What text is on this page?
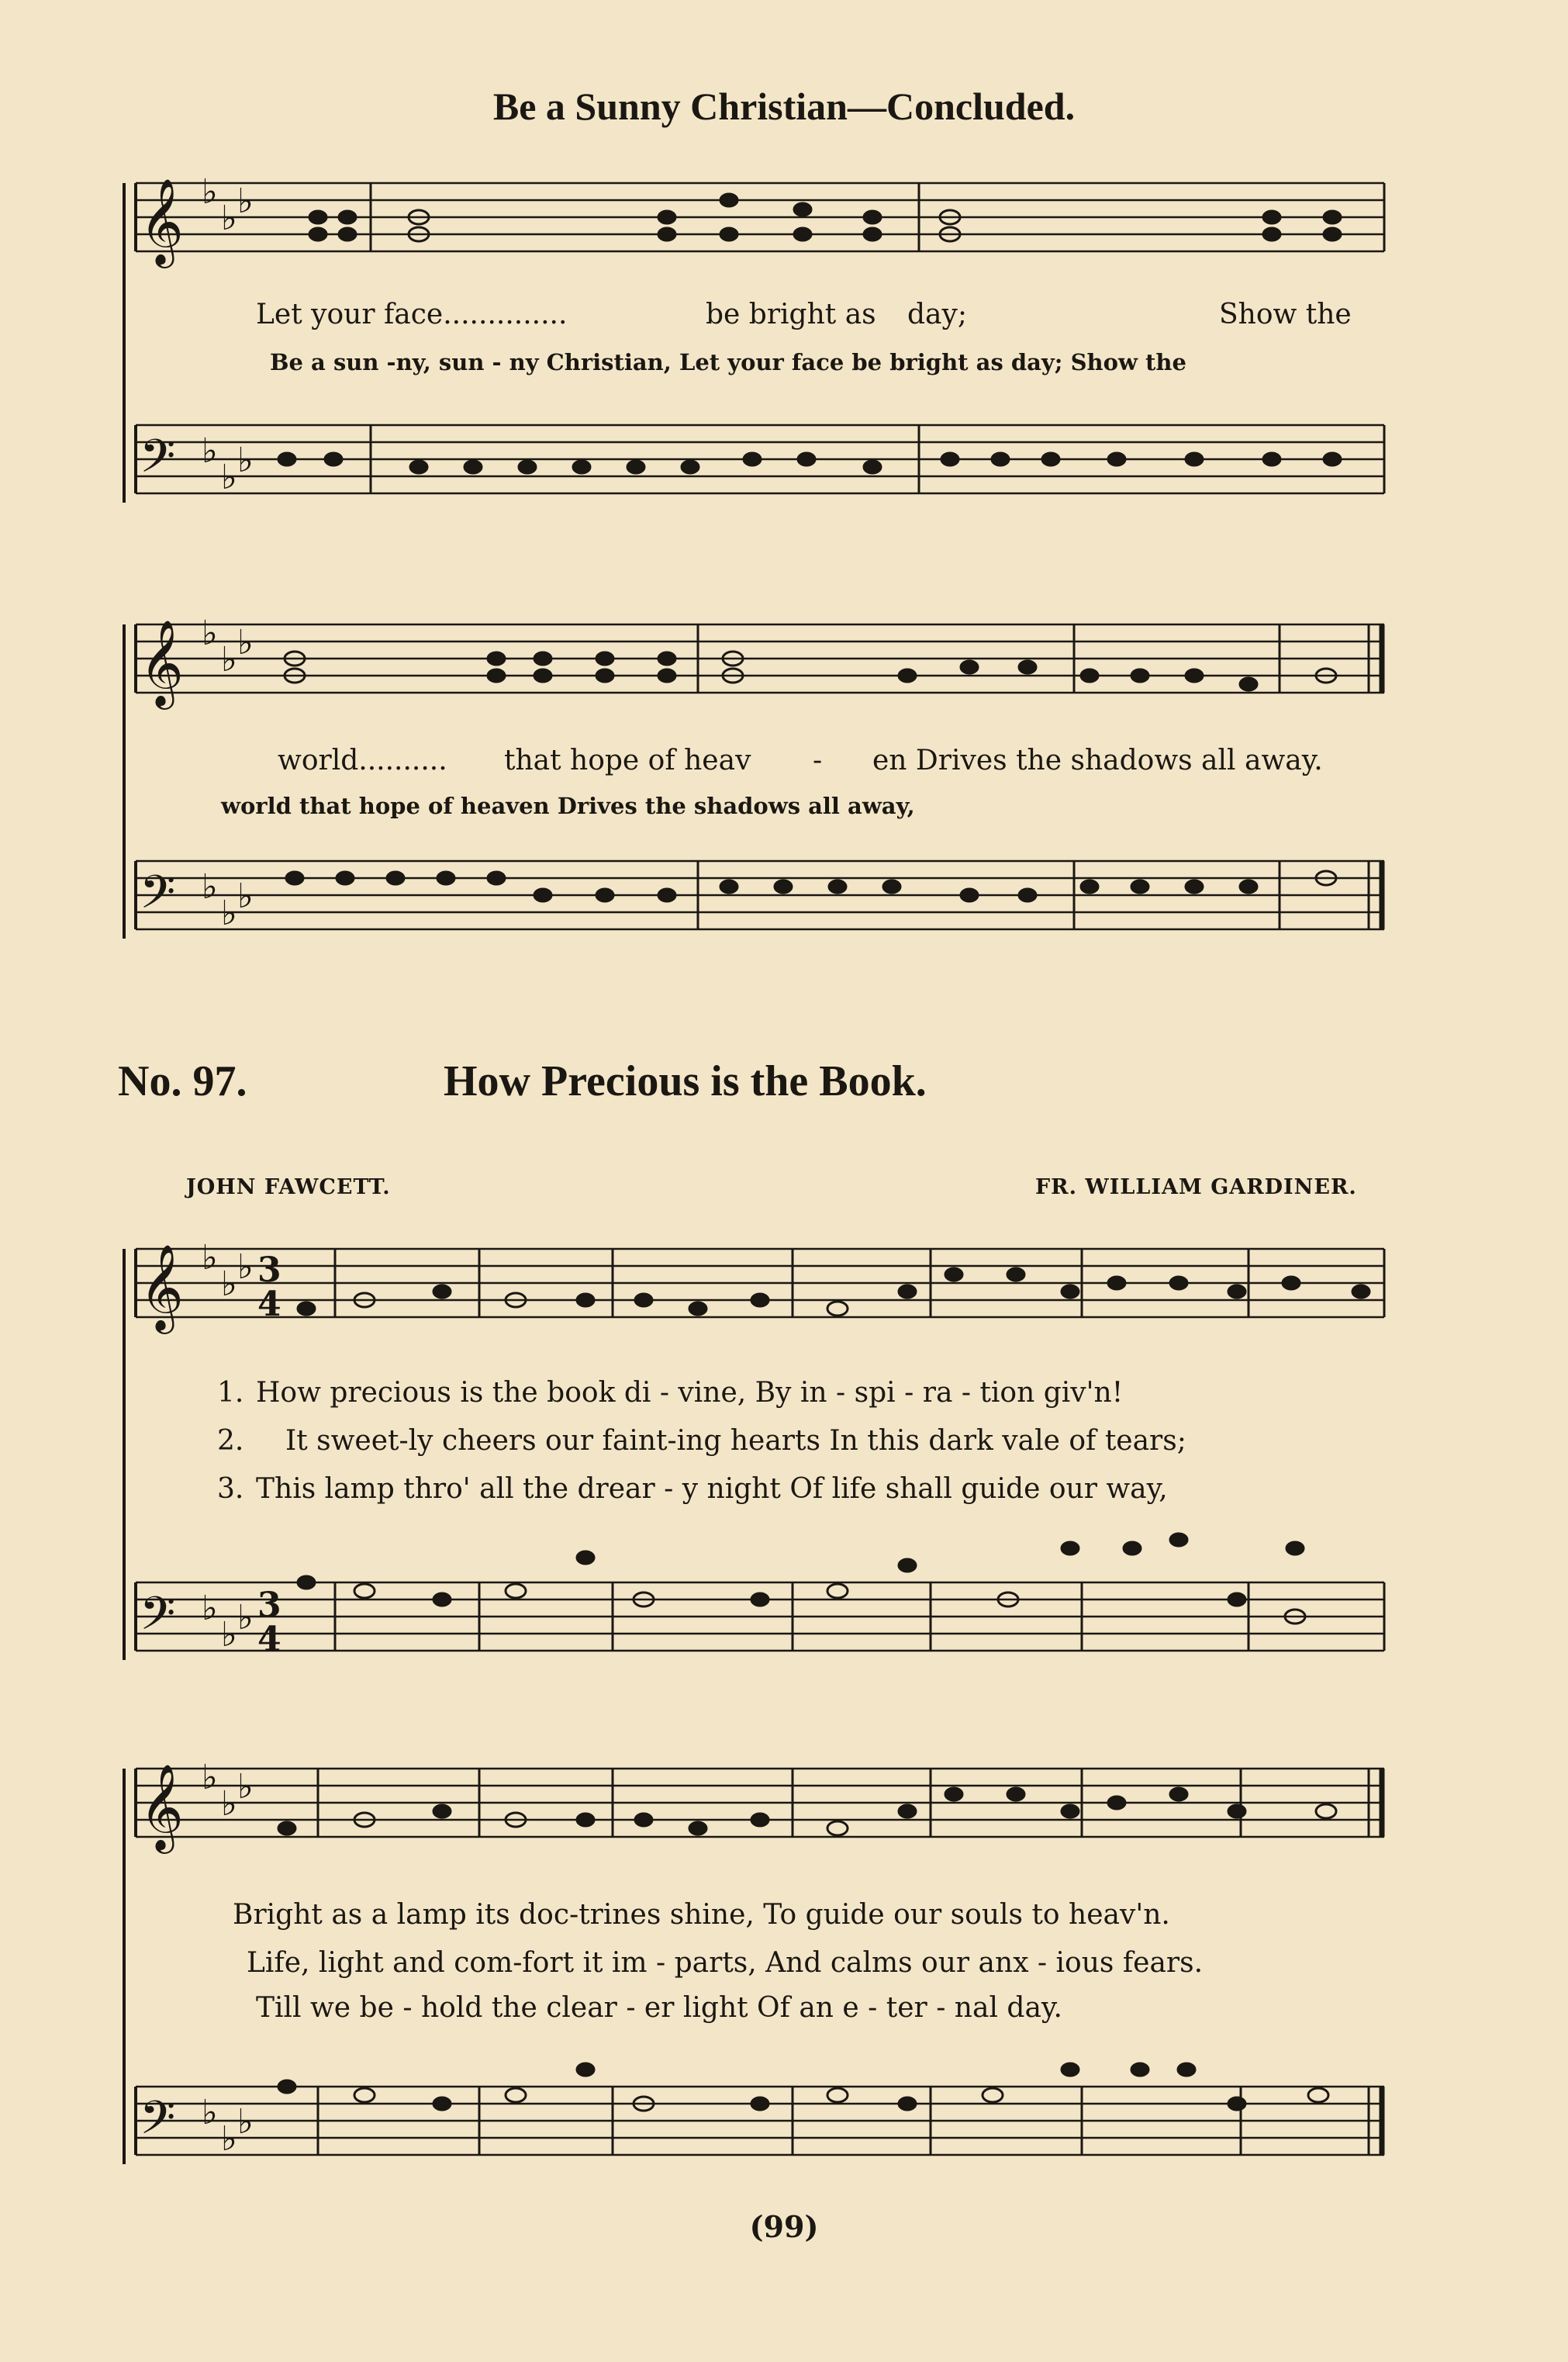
𝄞
𝄢
𝄞
𝄢
𝄞
𝄢
𝄞
𝄢
♭
♭ ♭
♭
♭ ♭
♭
♭ ♭
♭
♭ ♭
♭
♭ ♭
♭
♭ ♭
♭
♭ ♭
♭
♭ ♭
3
4
3
4
Be a Sunny Christian—Concluded.
Let your face..............	be bright as day;	Show the
Be a sun -ny, sun - ny Christian, Let your face be bright as day; Show the
world.......... that hope of heav - en Drives the shadows all away.
world that hope of heaven Drives the shadows all away,
No. 97.	How Precious is the Book.
JOHN FAWCETT.	FR. WILLIAM GARDINER.
1. How precious is the book di - vine, By in - spi - ra - tion giv'n!
2. It sweet-ly cheers our faint-ing hearts In this dark vale of tears;
3. This lamp thro' all the drear - y night Of life shall guide our way,
Bright as a lamp its doc-trines shine, To guide our souls to heav'n.
Life, light and com-fort it im - parts, And calms our anx - ious fears.
Till we be - hold the clear - er light Of an e - ter - nal day.
(99)
